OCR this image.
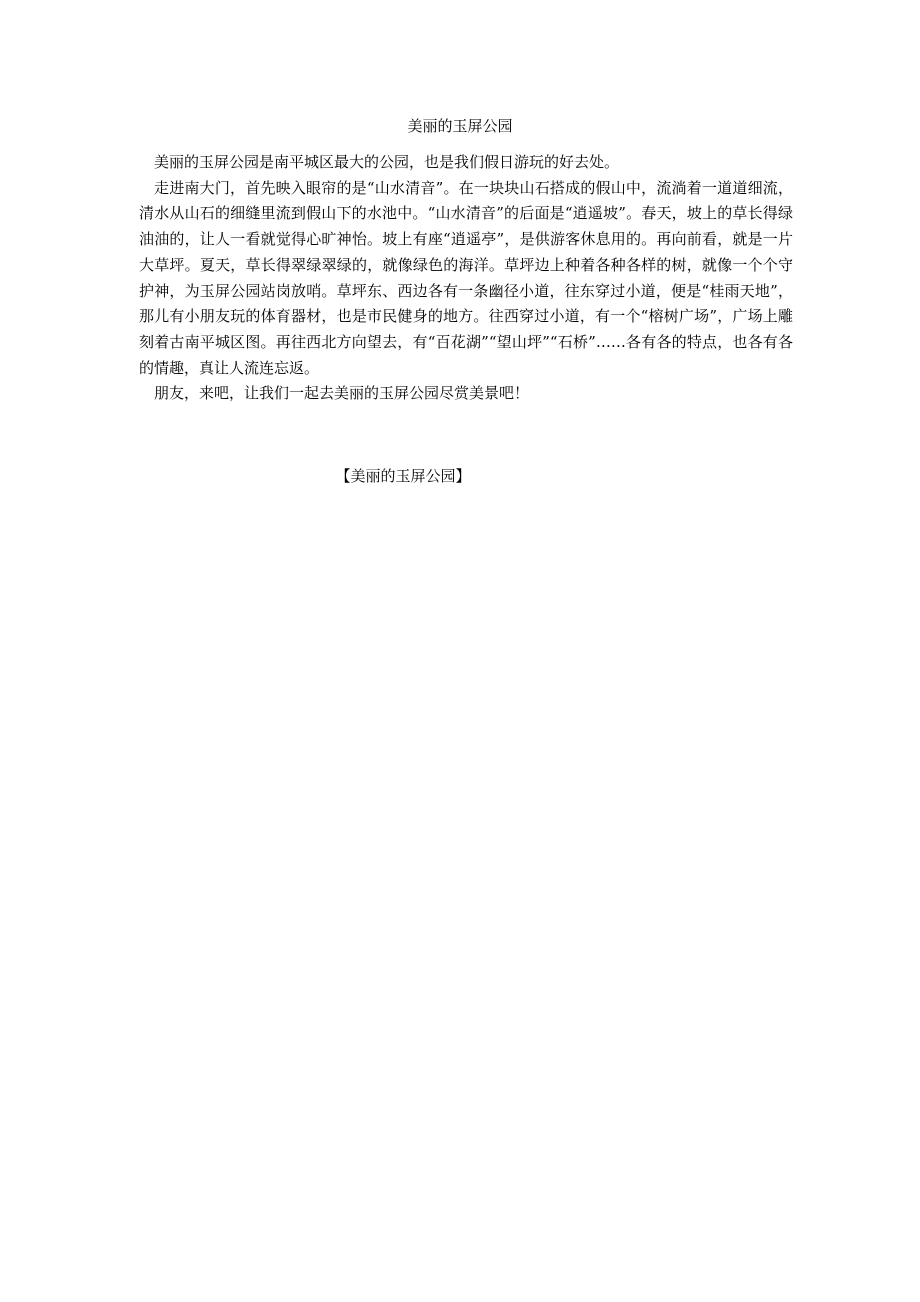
美丽的玉屏公园

美丽的玉屏公园是南平城区最大的公园，也是我们假日游玩的好去处。

走进南大门，首先映入眼帘的是“山水清音”。在一块块山石搭成的假山中，流淌着一道道细流，清水从山石的细缝里流到假山下的水池中。“山水清音”的后面是“逍遥坡”。春天，坡上的草长得绿油油的，让人一看就觉得心旷神怡。坡上有座“逍遥亭”，是供游客休息用的。再向前看，就是一片大草坪。夏天，草长得翠绿翠绿的，就像绿色的海洋。草坪边上种着各种各样的树，就像一个个守护神，为玉屏公园站岗放哨。草坪东、西边各有一条幽径小道，往东穿过小道，便是“桂雨天地”，那儿有小朋友玩的体育器材，也是市民健身的地方。往西穿过小道，有一个“榕树广场”，广场上雕刻着古南平城区图。再往西北方向望去，有“百花湖”“望山坪”“石桥”……各有各的特点，也各有各的情趣，真让人流连忘返。

朋友，来吧，让我们一起去美丽的玉屏公园尽赏美景吧！

【美丽的玉屏公园】
